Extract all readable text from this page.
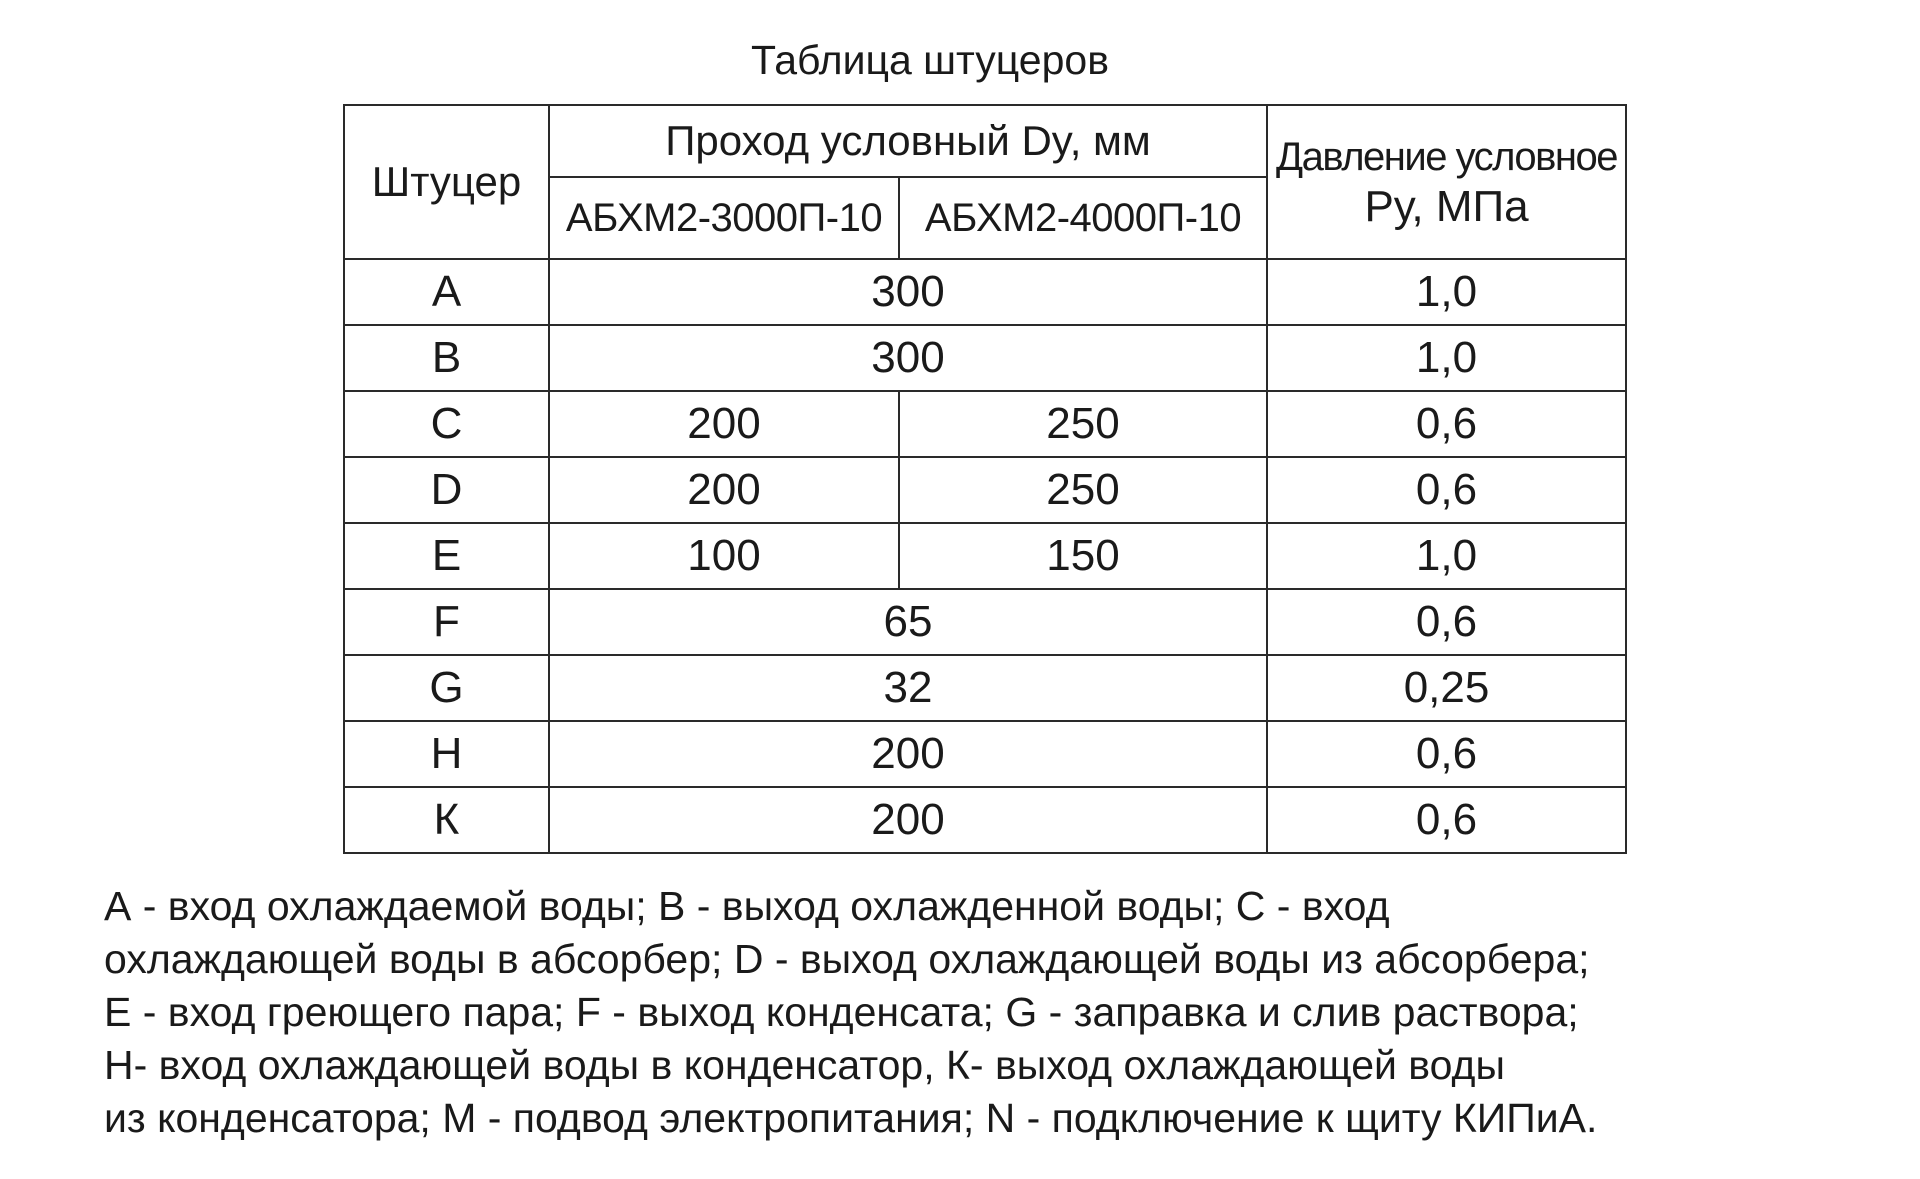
Таблица штуцеров
Штуцер	Проход условный Dy, мм		Давление условное
Ру, МПа

	АБХМ2-3000П-10	АБХМ2-4000П-10	
A	300		1,0
B	300		1,0
C	200	250	0,6
D	200	250	0,6
E	100	150	1,0
F	65		0,6
G	32		0,25
H	200		0,6
К	200		0,6
А - вход охлаждаемой воды; В - выход охлажденной воды; С - вход
охлаждающей воды в абсорбер; D - выход охлаждающей воды из абсорбера;
Е - вход греющего пара; F - выход конденсата; G - заправка и слив раствора;
Н- вход охлаждающей воды в конденсатор, К- выход охлаждающей воды
из конденсатора; М - подвод электропитания; N - подключение к щиту КИПиА.
